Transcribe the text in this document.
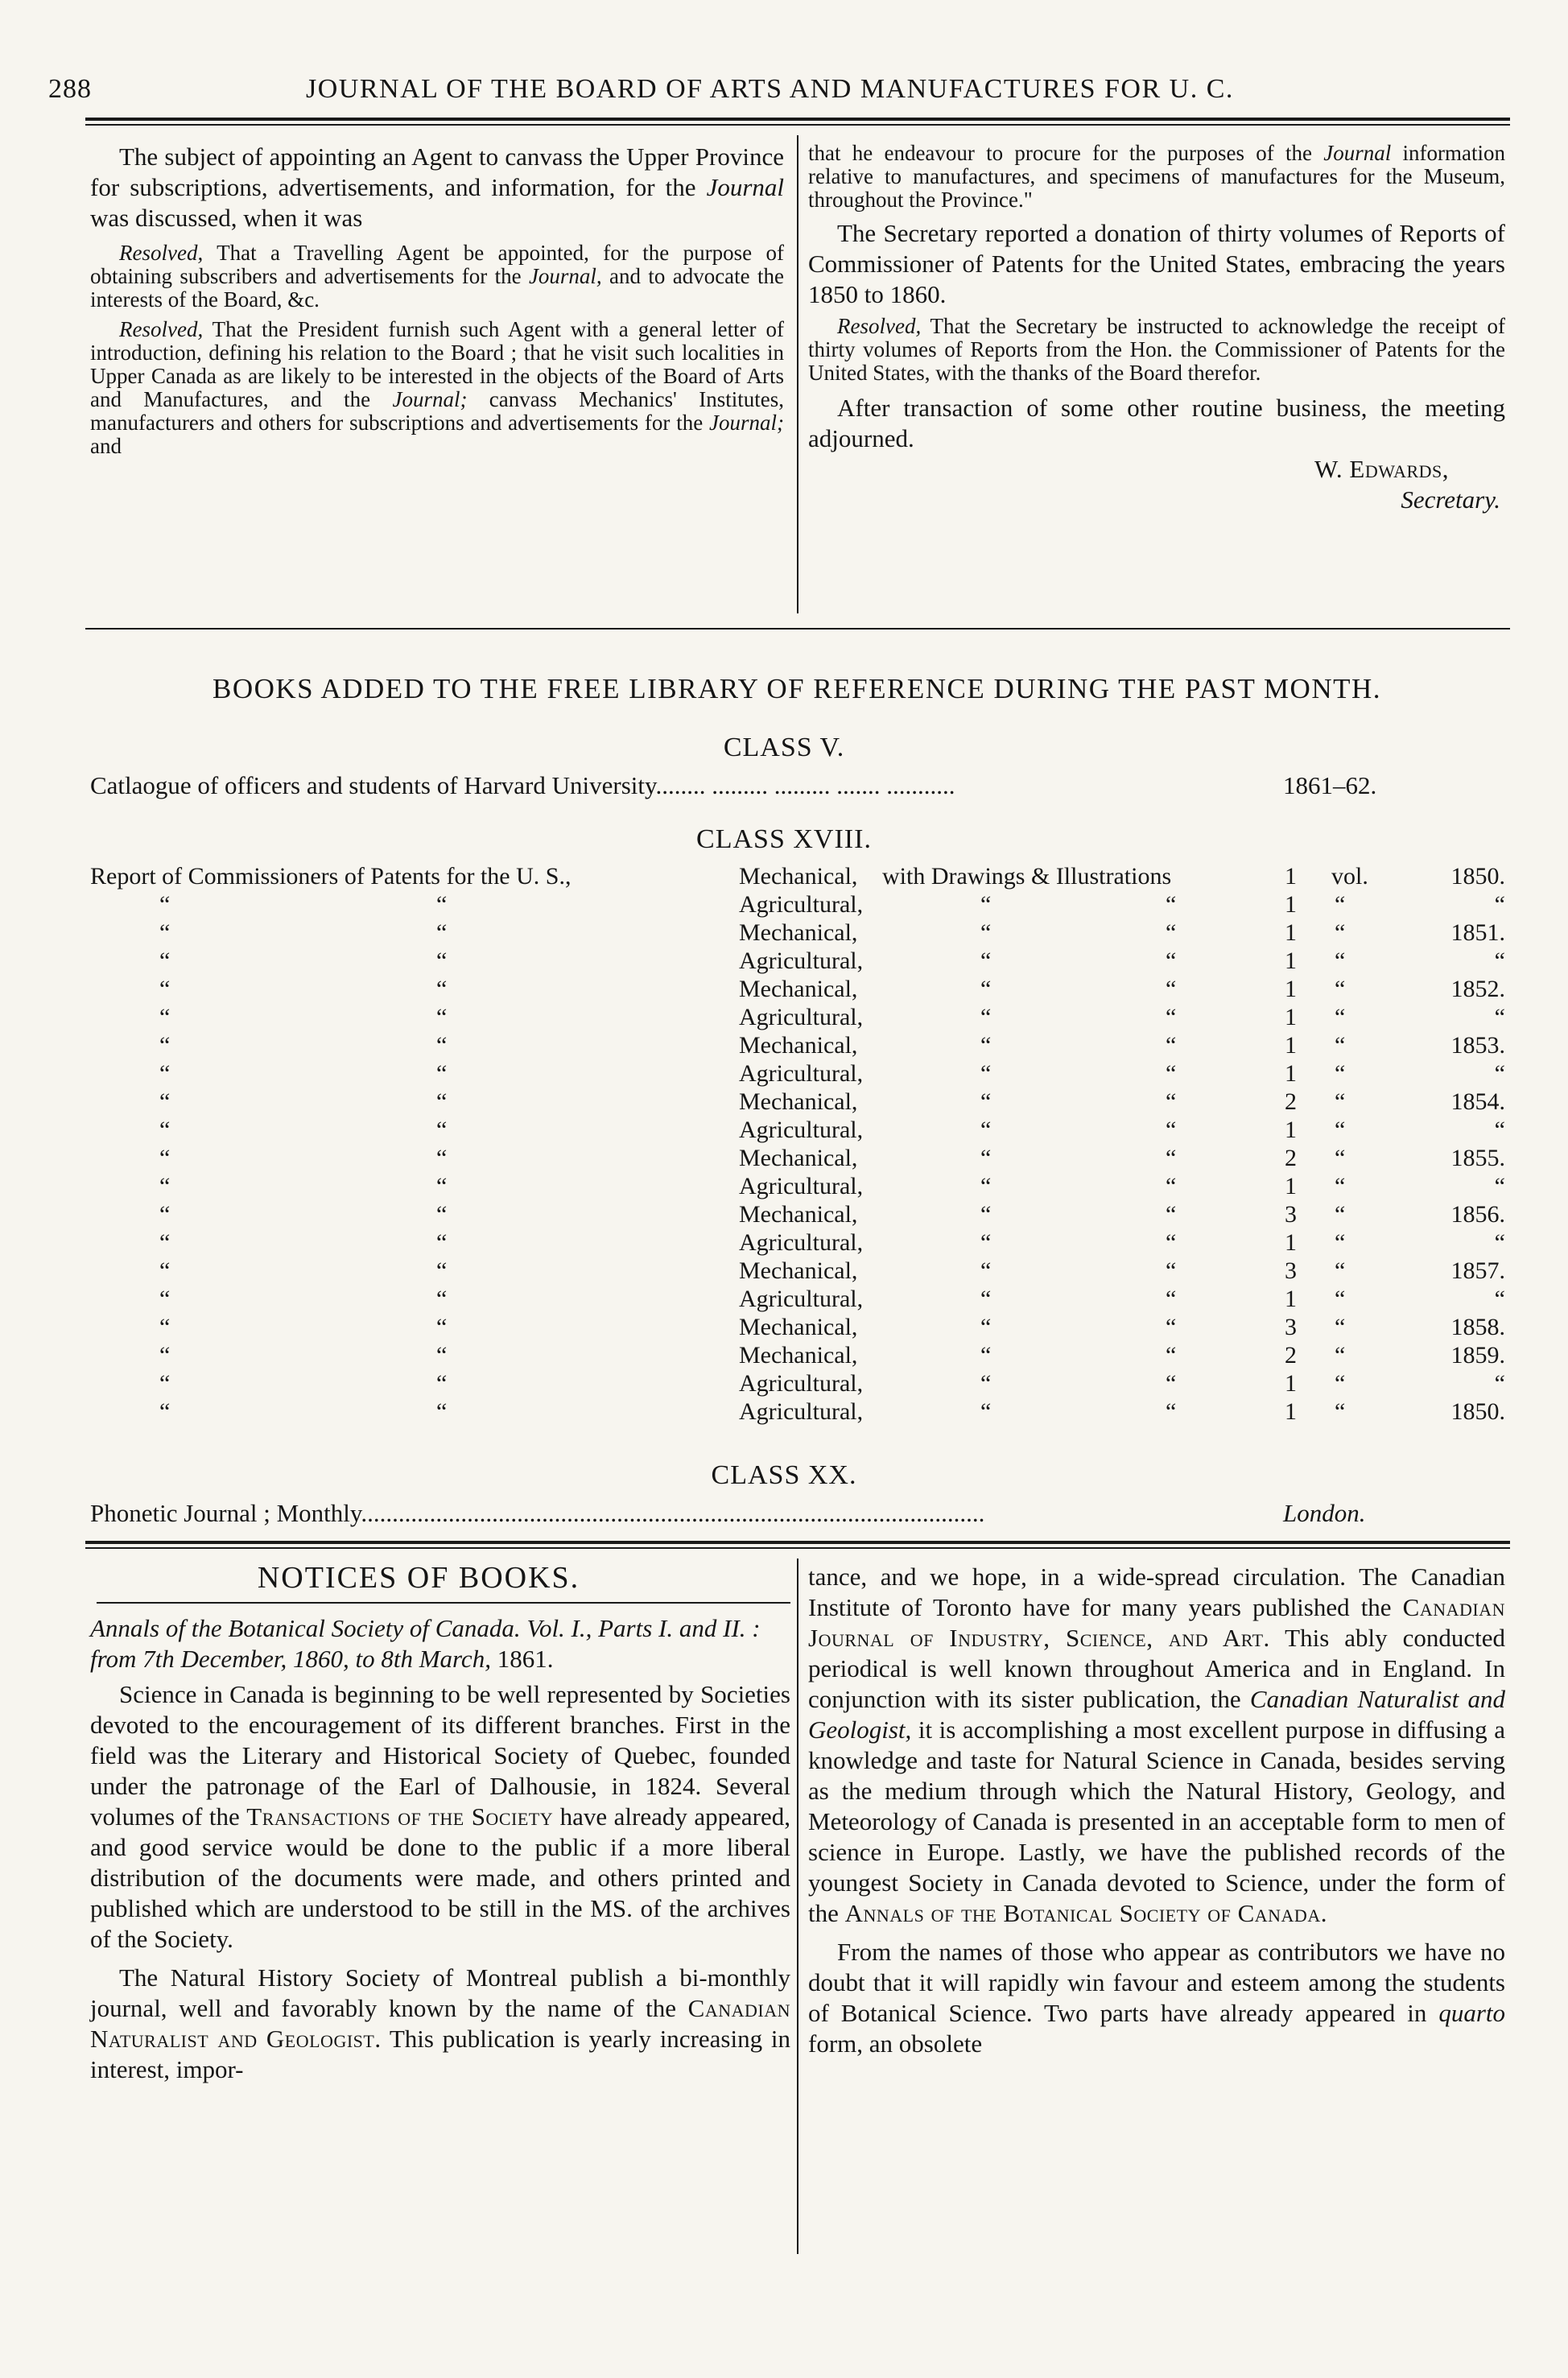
288	JOURNAL OF THE BOARD OF ARTS AND MANUFACTURES FOR U. C.

The subject of appointing an Agent to canvass the Upper Province for subscriptions, advertisements, and information, for the Journal was discussed, when it was

Resolved, That a Travelling Agent be appointed, for the purpose of obtaining subscribers and advertisements for the Journal, and to advocate the interests of the Board, &c.

Resolved, That the President furnish such Agent with a general letter of introduction, defining his relation to the Board ; that he visit such localities in Upper Canada as are likely to be interested in the objects of the Board of Arts and Manufactures, and the Journal; canvass Mechanics' Institutes, manufacturers and others for subscriptions and advertisements for the Journal; and

that he endeavour to procure for the purposes of the Journal information relative to manufactures, and specimens of manufactures for the Museum, throughout the Province."

The Secretary reported a donation of thirty volumes of Reports of Commissioner of Patents for the United States, embracing the years 1850 to 1860.

Resolved, That the Secretary be instructed to acknowledge the receipt of thirty volumes of Reports from the Hon. the Commissioner of Patents for the United States, with the thanks of the Board therefor.

After transaction of some other routine business, the meeting adjourned.

W. Edwards,
Secretary.
BOOKS ADDED TO THE FREE LIBRARY OF REFERENCE DURING THE PAST MONTH.
CLASS V.
Catlaogue of officers and students of Harvard University........ ......... ......... ....... ...........	1861–62.
CLASS XVIII.
Report of Commissioners of Patents for the U. S.,	Mechanical, with Drawings & Illustrations	1 vol.	1850.
“	“	Agricultural,	“	“	1 “	“
“	“	Mechanical,	“	“	1 “	1851.
“	“	Agricultural,	“	“	1 “	“
“	“	Mechanical,	“	“	1 “	1852.
“	“	Agricultural,	“	“	1 “	“
“	“	Mechanical,	“	“	1 “	1853.
“	“	Agricultural,	“	“	1 “	“
“	“	Mechanical,	“	“	2 “	1854.
“	“	Agricultural,	“	“	1 “	“
“	“	Mechanical,	“	“	2 “	1855.
“	“	Agricultural,	“	“	1 “	“
“	“	Mechanical,	“	“	3 “	1856.
“	“	Agricultural,	“	“	1 “	“
“	“	Mechanical,	“	“	3 “	1857.
“	“	Agricultural,	“	“	1 “	“
“	“	Mechanical,	“	“	3 “	1858.
“	“	Mechanical,	“	“	2 “	1859.
“	“	Agricultural,	“	“	1 “	“
“	“	Agricultural,	“	“	1 “	1850.
CLASS XX.
Phonetic Journal ; Monthly....................................................................................................	London.
NOTICES OF BOOKS.

Annals of the Botanical Society of Canada. Vol. I., Parts I. and II. : from 7th December, 1860, to 8th March, 1861.

Science in Canada is beginning to be well represented by Societies devoted to the encouragement of its different branches. First in the field was the Literary and Historical Society of Quebec, founded under the patronage of the Earl of Dalhousie, in 1824. Several volumes of the Transactions of the Society have already appeared, and good service would be done to the public if a more liberal distribution of the documents were made, and others printed and published which are understood to be still in the MS. of the archives of the Society.

The Natural History Society of Montreal publish a bi-monthly journal, well and favorably known by the name of the Canadian Naturalist and Geologist. This publication is yearly increasing in interest, impor-

tance, and we hope, in a wide-spread circulation. The Canadian Institute of Toronto have for many years published the Canadian Journal of Industry, Science, and Art. This ably conducted periodical is well known throughout America and in England. In conjunction with its sister publication, the Canadian Naturalist and Geologist, it is accomplishing a most excellent purpose in diffusing a knowledge and taste for Natural Science in Canada, besides serving as the medium through which the Natural History, Geology, and Meteorology of Canada is presented in an acceptable form to men of science in Europe. Lastly, we have the published records of the youngest Society in Canada devoted to Science, under the form of the Annals of the Botanical Society of Canada.

From the names of those who appear as contributors we have no doubt that it will rapidly win favour and esteem among the students of Botanical Science. Two parts have already appeared in quarto form, an obsolete
